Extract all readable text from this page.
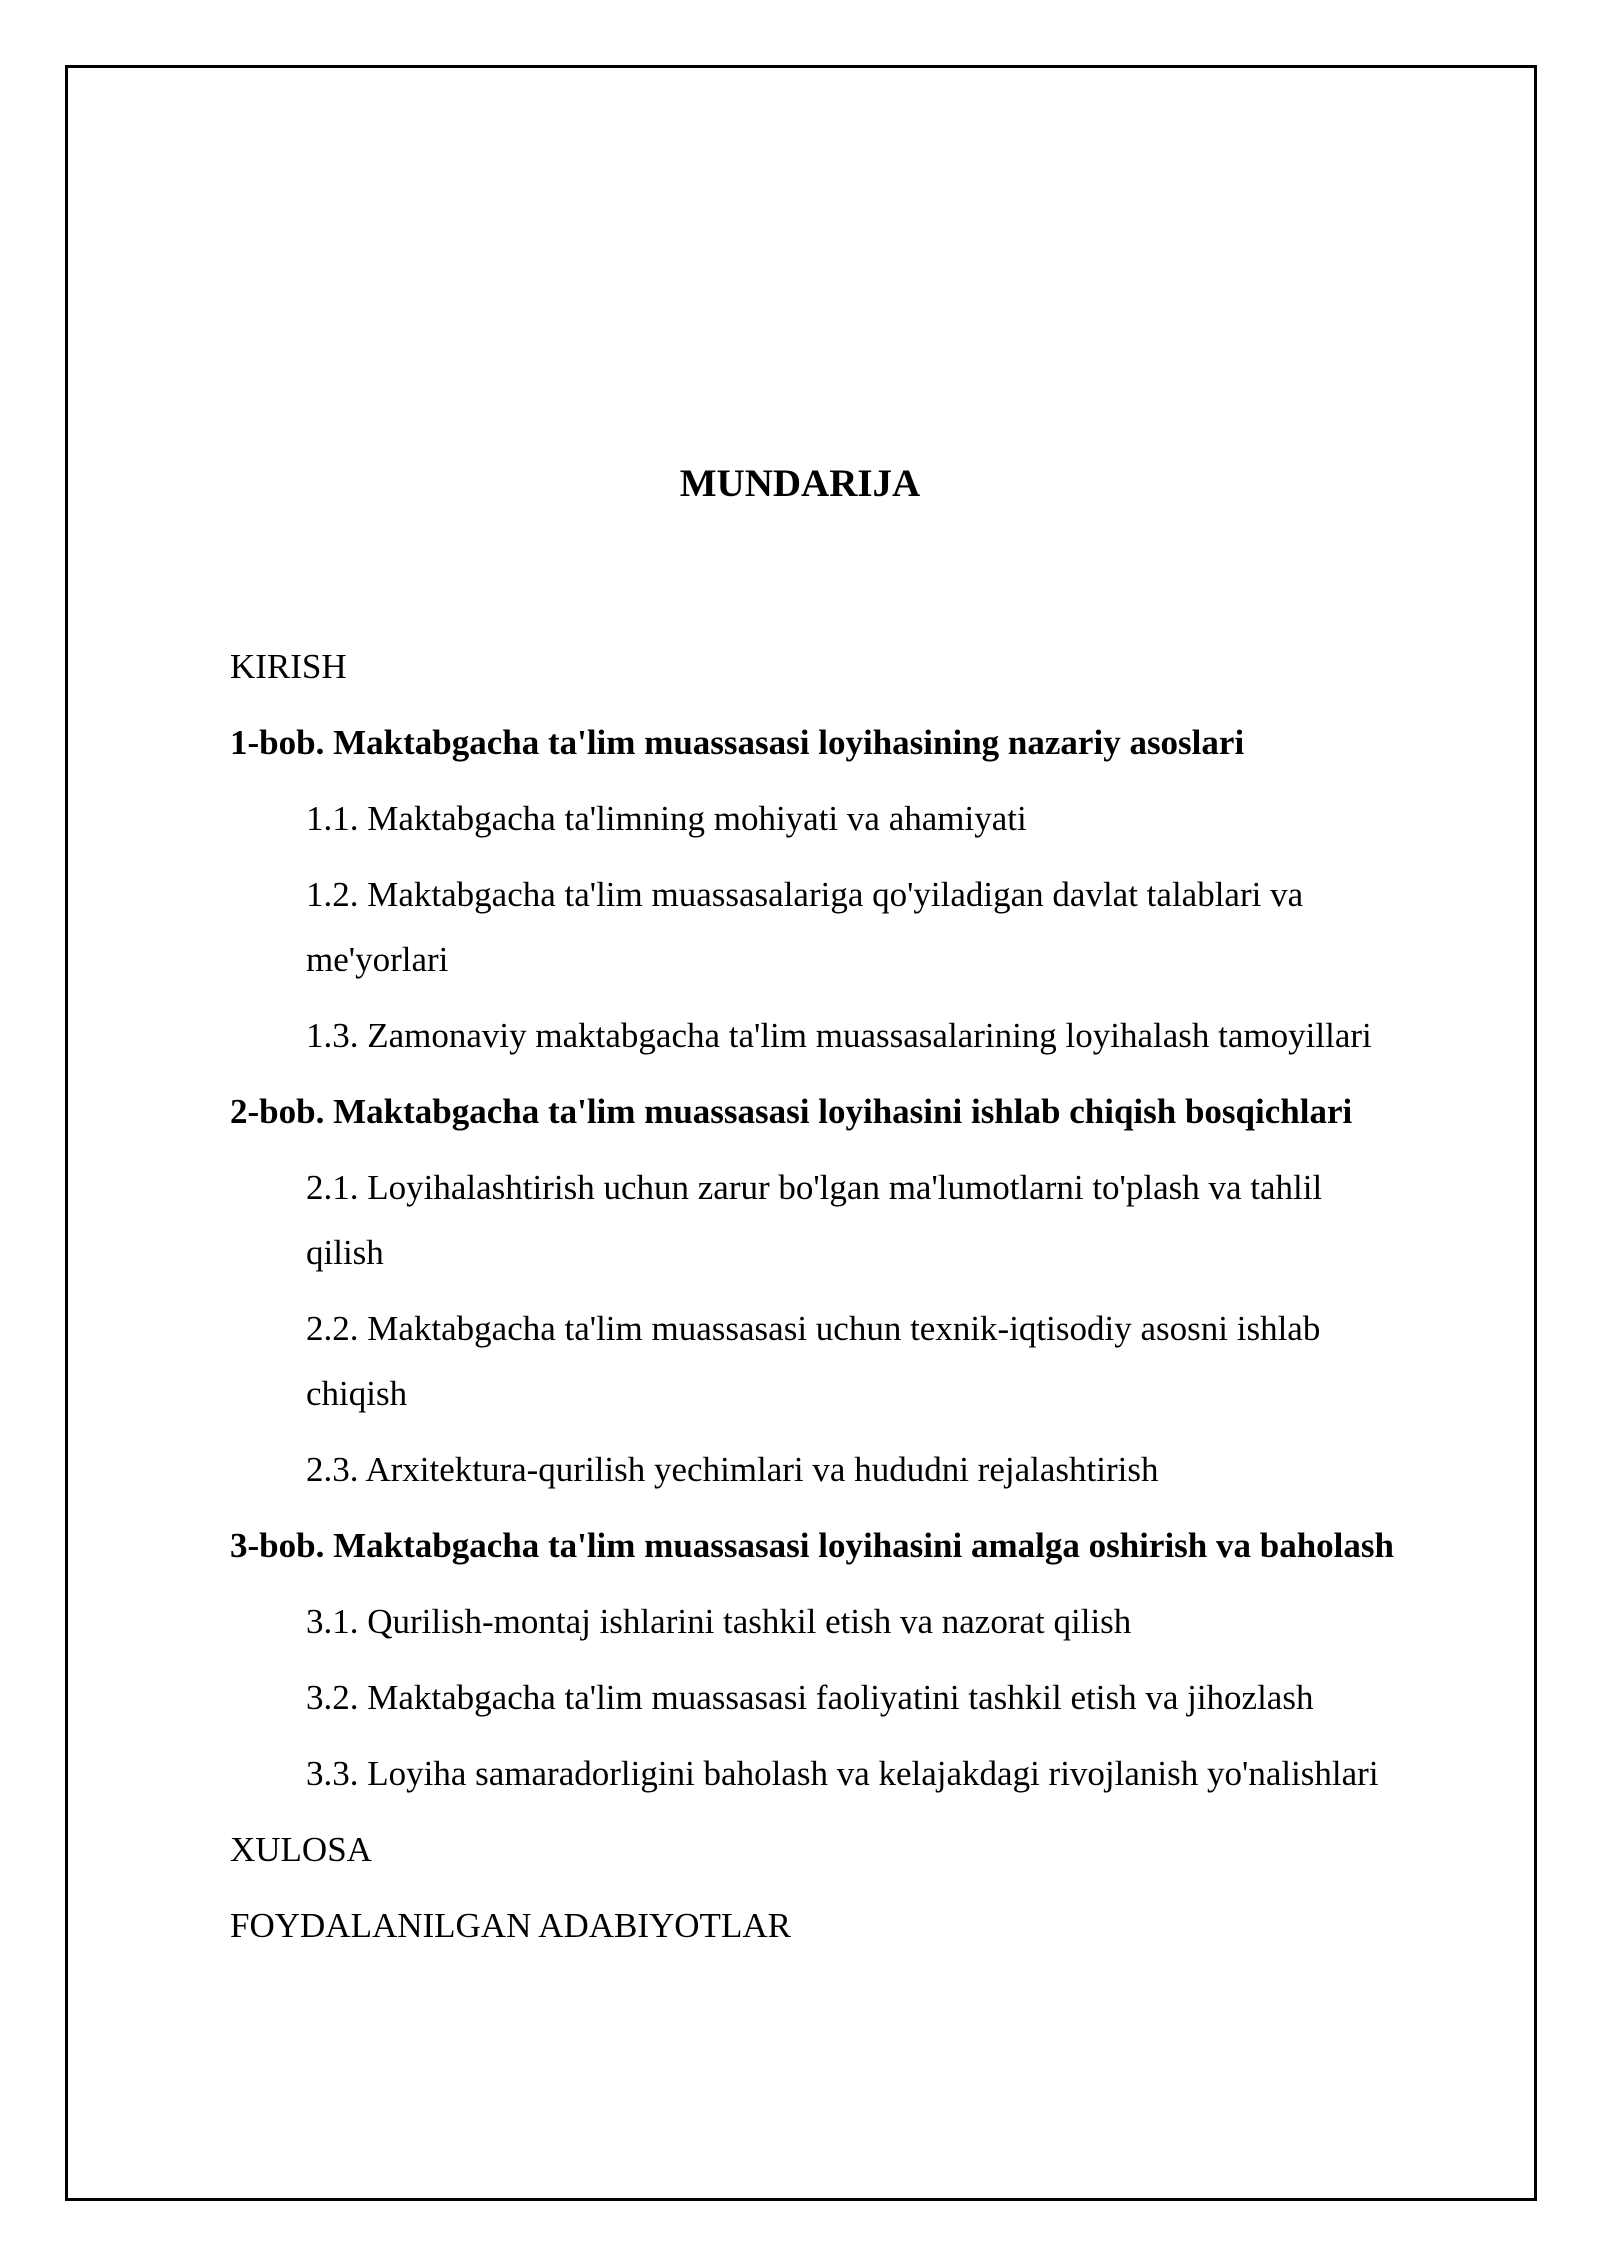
MUNDARIJA
KIRISH
1-bob. Maktabgacha ta'lim muassasasi loyihasining nazariy asoslari
1.1. Maktabgacha ta'limning mohiyati va ahamiyati
1.2. Maktabgacha ta'lim muassasalariga qo'yiladigan davlat talablari va
me'yorlari
1.3. Zamonaviy maktabgacha ta'lim muassasalarining loyihalash tamoyillari
2-bob. Maktabgacha ta'lim muassasasi loyihasini ishlab chiqish bosqichlari
2.1. Loyihalashtirish uchun zarur bo'lgan ma'lumotlarni to'plash va tahlil
qilish
2.2. Maktabgacha ta'lim muassasasi uchun texnik-iqtisodiy asosni ishlab
chiqish
2.3. Arxitektura-qurilish yechimlari va hududni rejalashtirish
3-bob. Maktabgacha ta'lim muassasasi loyihasini amalga oshirish va baholash
3.1. Qurilish-montaj ishlarini tashkil etish va nazorat qilish
3.2. Maktabgacha ta'lim muassasasi faoliyatini tashkil etish va jihozlash
3.3. Loyiha samaradorligini baholash va kelajakdagi rivojlanish yo'nalishlari
XULOSA
FOYDALANILGAN ADABIYOTLAR
